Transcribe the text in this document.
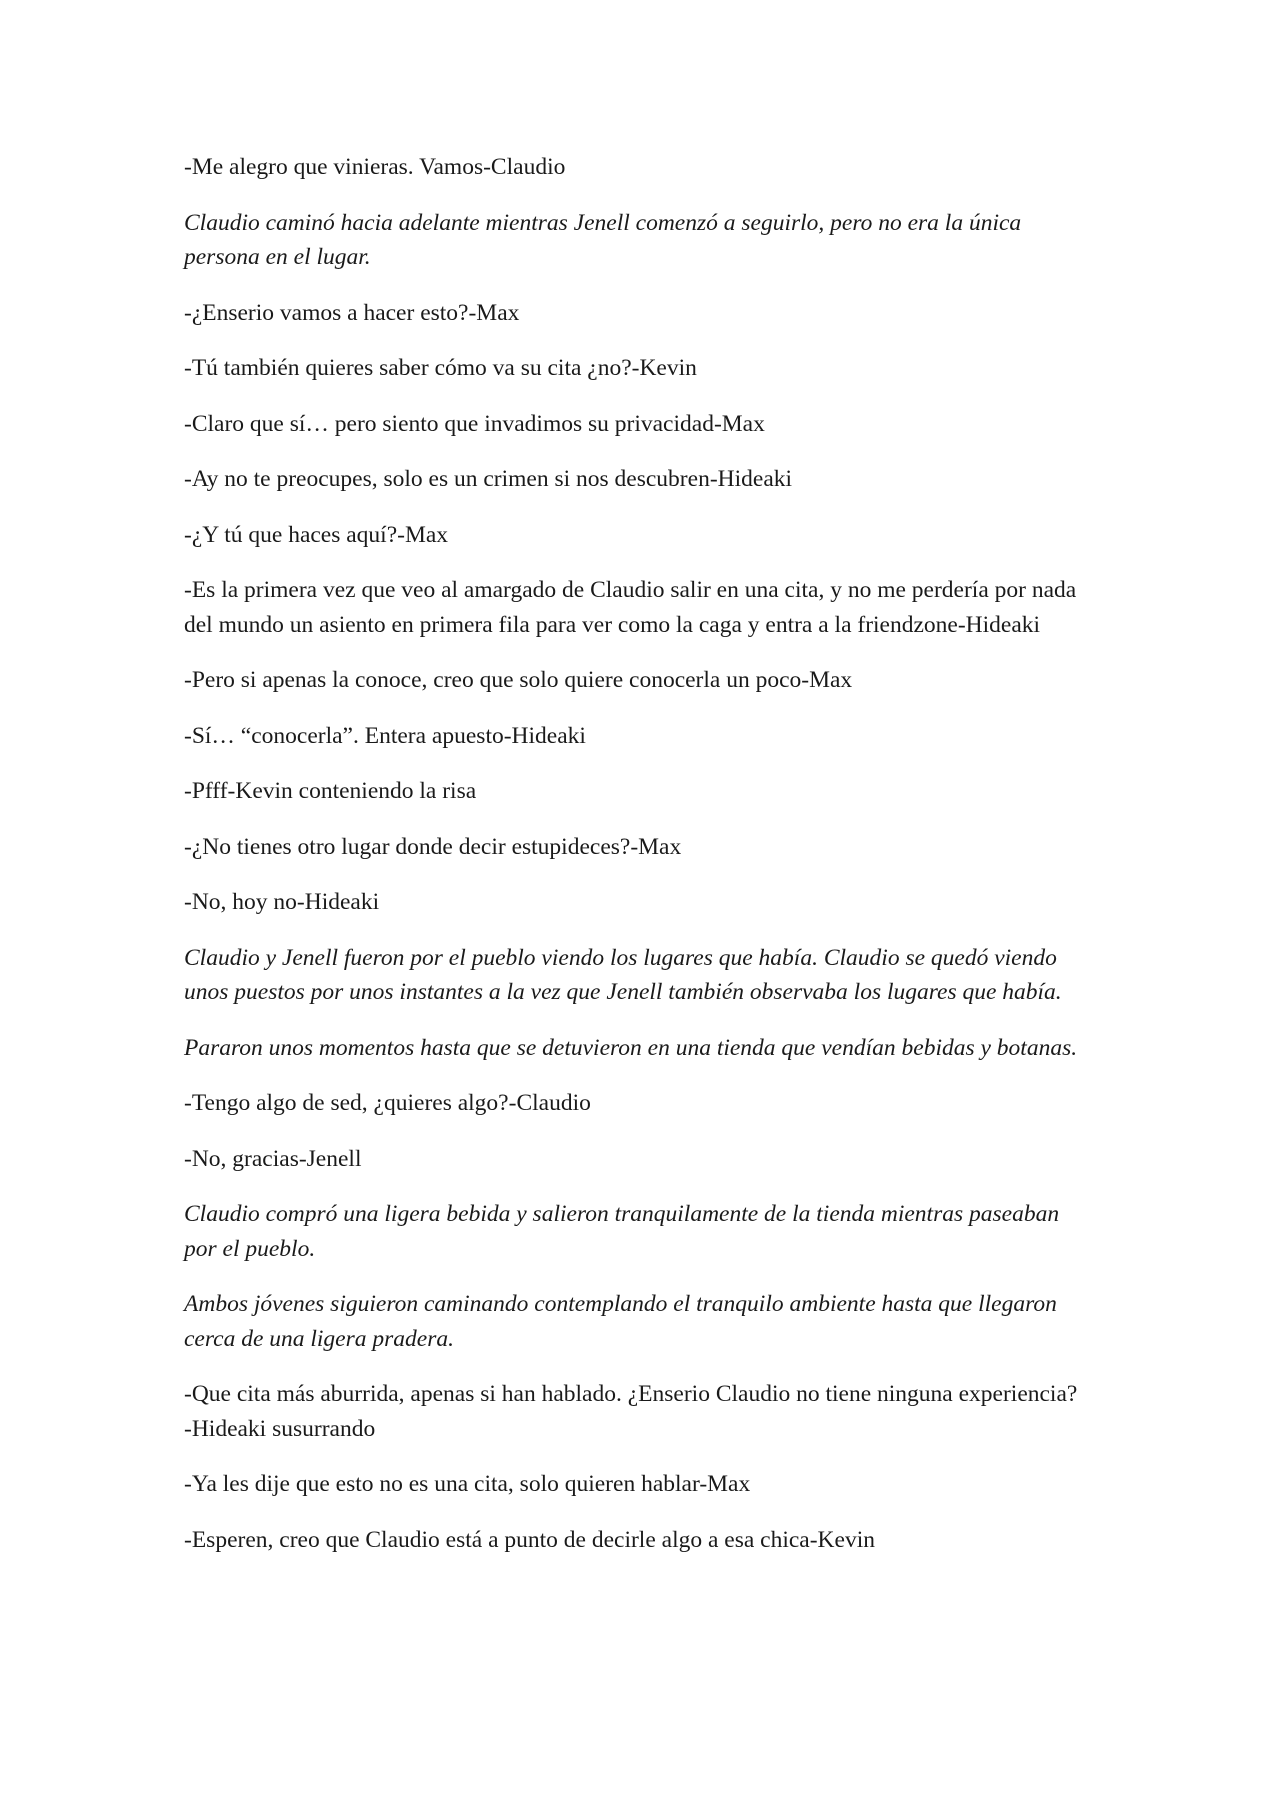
-Me alegro que vinieras. Vamos-Claudio

Claudio caminó hacia adelante mientras Jenell comenzó a seguirlo, pero no era la única persona en el lugar.

-¿Enserio vamos a hacer esto?-Max

-Tú también quieres saber cómo va su cita ¿no?-Kevin

-Claro que sí… pero siento que invadimos su privacidad-Max

-Ay no te preocupes, solo es un crimen si nos descubren-Hideaki

-¿Y tú que haces aquí?-Max

-Es la primera vez que veo al amargado de Claudio salir en una cita, y no me perdería por nada del mundo un asiento en primera fila para ver como la caga y entra a la friendzone-Hideaki

-Pero si apenas la conoce, creo que solo quiere conocerla un poco-Max

-Sí… “conocerla”. Entera apuesto-Hideaki

-Pfff-Kevin conteniendo la risa

-¿No tienes otro lugar donde decir estupideces?-Max

-No, hoy no-Hideaki

Claudio y Jenell fueron por el pueblo viendo los lugares que había. Claudio se quedó viendo unos puestos por unos instantes a la vez que Jenell también observaba los lugares que había.

Pararon unos momentos hasta que se detuvieron en una tienda que vendían bebidas y botanas.

-Tengo algo de sed, ¿quieres algo?-Claudio

-No, gracias-Jenell

Claudio compró una ligera bebida y salieron tranquilamente de la tienda mientras paseaban por el pueblo.

Ambos jóvenes siguieron caminando contemplando el tranquilo ambiente hasta que llegaron cerca de una ligera pradera.

-Que cita más aburrida, apenas si han hablado. ¿Enserio Claudio no tiene ninguna experiencia?-Hideaki susurrando

-Ya les dije que esto no es una cita, solo quieren hablar-Max

-Esperen, creo que Claudio está a punto de decirle algo a esa chica-Kevin
